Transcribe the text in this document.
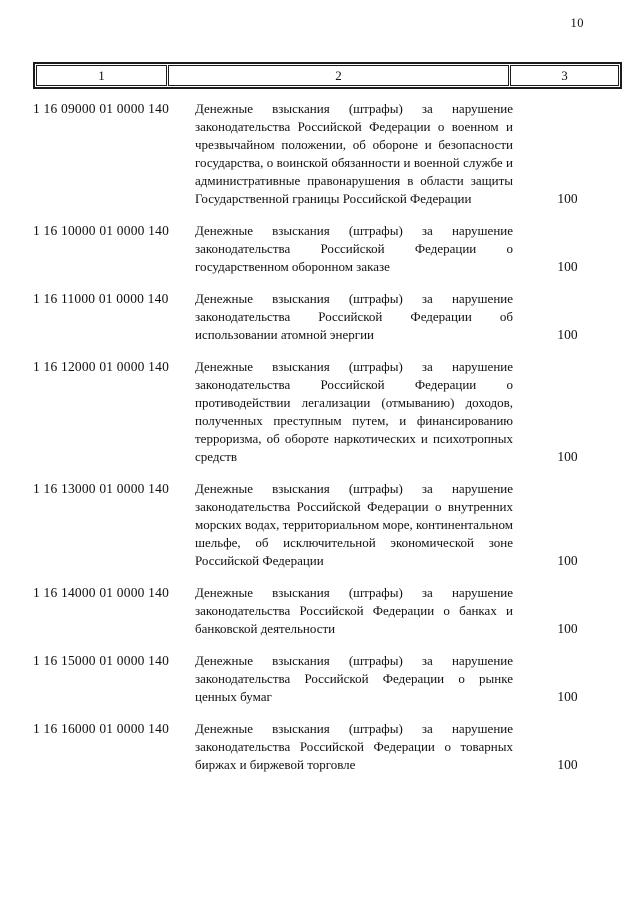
10
1	2	3
1 16 09000 01 0000 140	Денежные взыскания (штрафы) за нарушение законодательства Российской Федерации о военном и чрезвычайном положении, об обороне и безопасности государства, о воинской обязанности и военной службе и административные правонарушения в области защиты Государственной границы Российской Федерации	100
1 16 10000 01 0000 140	Денежные взыскания (штрафы) за нарушение законодательства Российской Федерации о государственном оборонном заказе	100
1 16 11000 01 0000 140	Денежные взыскания (штрафы) за нарушение законодательства Российской Федерации об использовании атомной энергии	100
1 16 12000 01 0000 140	Денежные взыскания (штрафы) за нарушение законодательства Российской Федерации о противодействии легализации (отмыванию) доходов, полученных преступным путем, и финансированию терроризма, об обороте наркотических и психотропных средств	100
1 16 13000 01 0000 140	Денежные взыскания (штрафы) за нарушение законодательства Российской Федерации о внутренних морских водах, территориальном море, континентальном шельфе, об исключительной экономической зоне Российской Федерации	100
1 16 14000 01 0000 140	Денежные взыскания (штрафы) за нарушение законодательства Российской Федерации о банках и банковской деятельности	100
1 16 15000 01 0000 140	Денежные взыскания (штрафы) за нарушение законодательства Российской Федерации о рынке ценных бумаг	100
1 16 16000 01 0000 140	Денежные взыскания (штрафы) за нарушение законодательства Российской Федерации о товарных биржах и биржевой торговле	100
